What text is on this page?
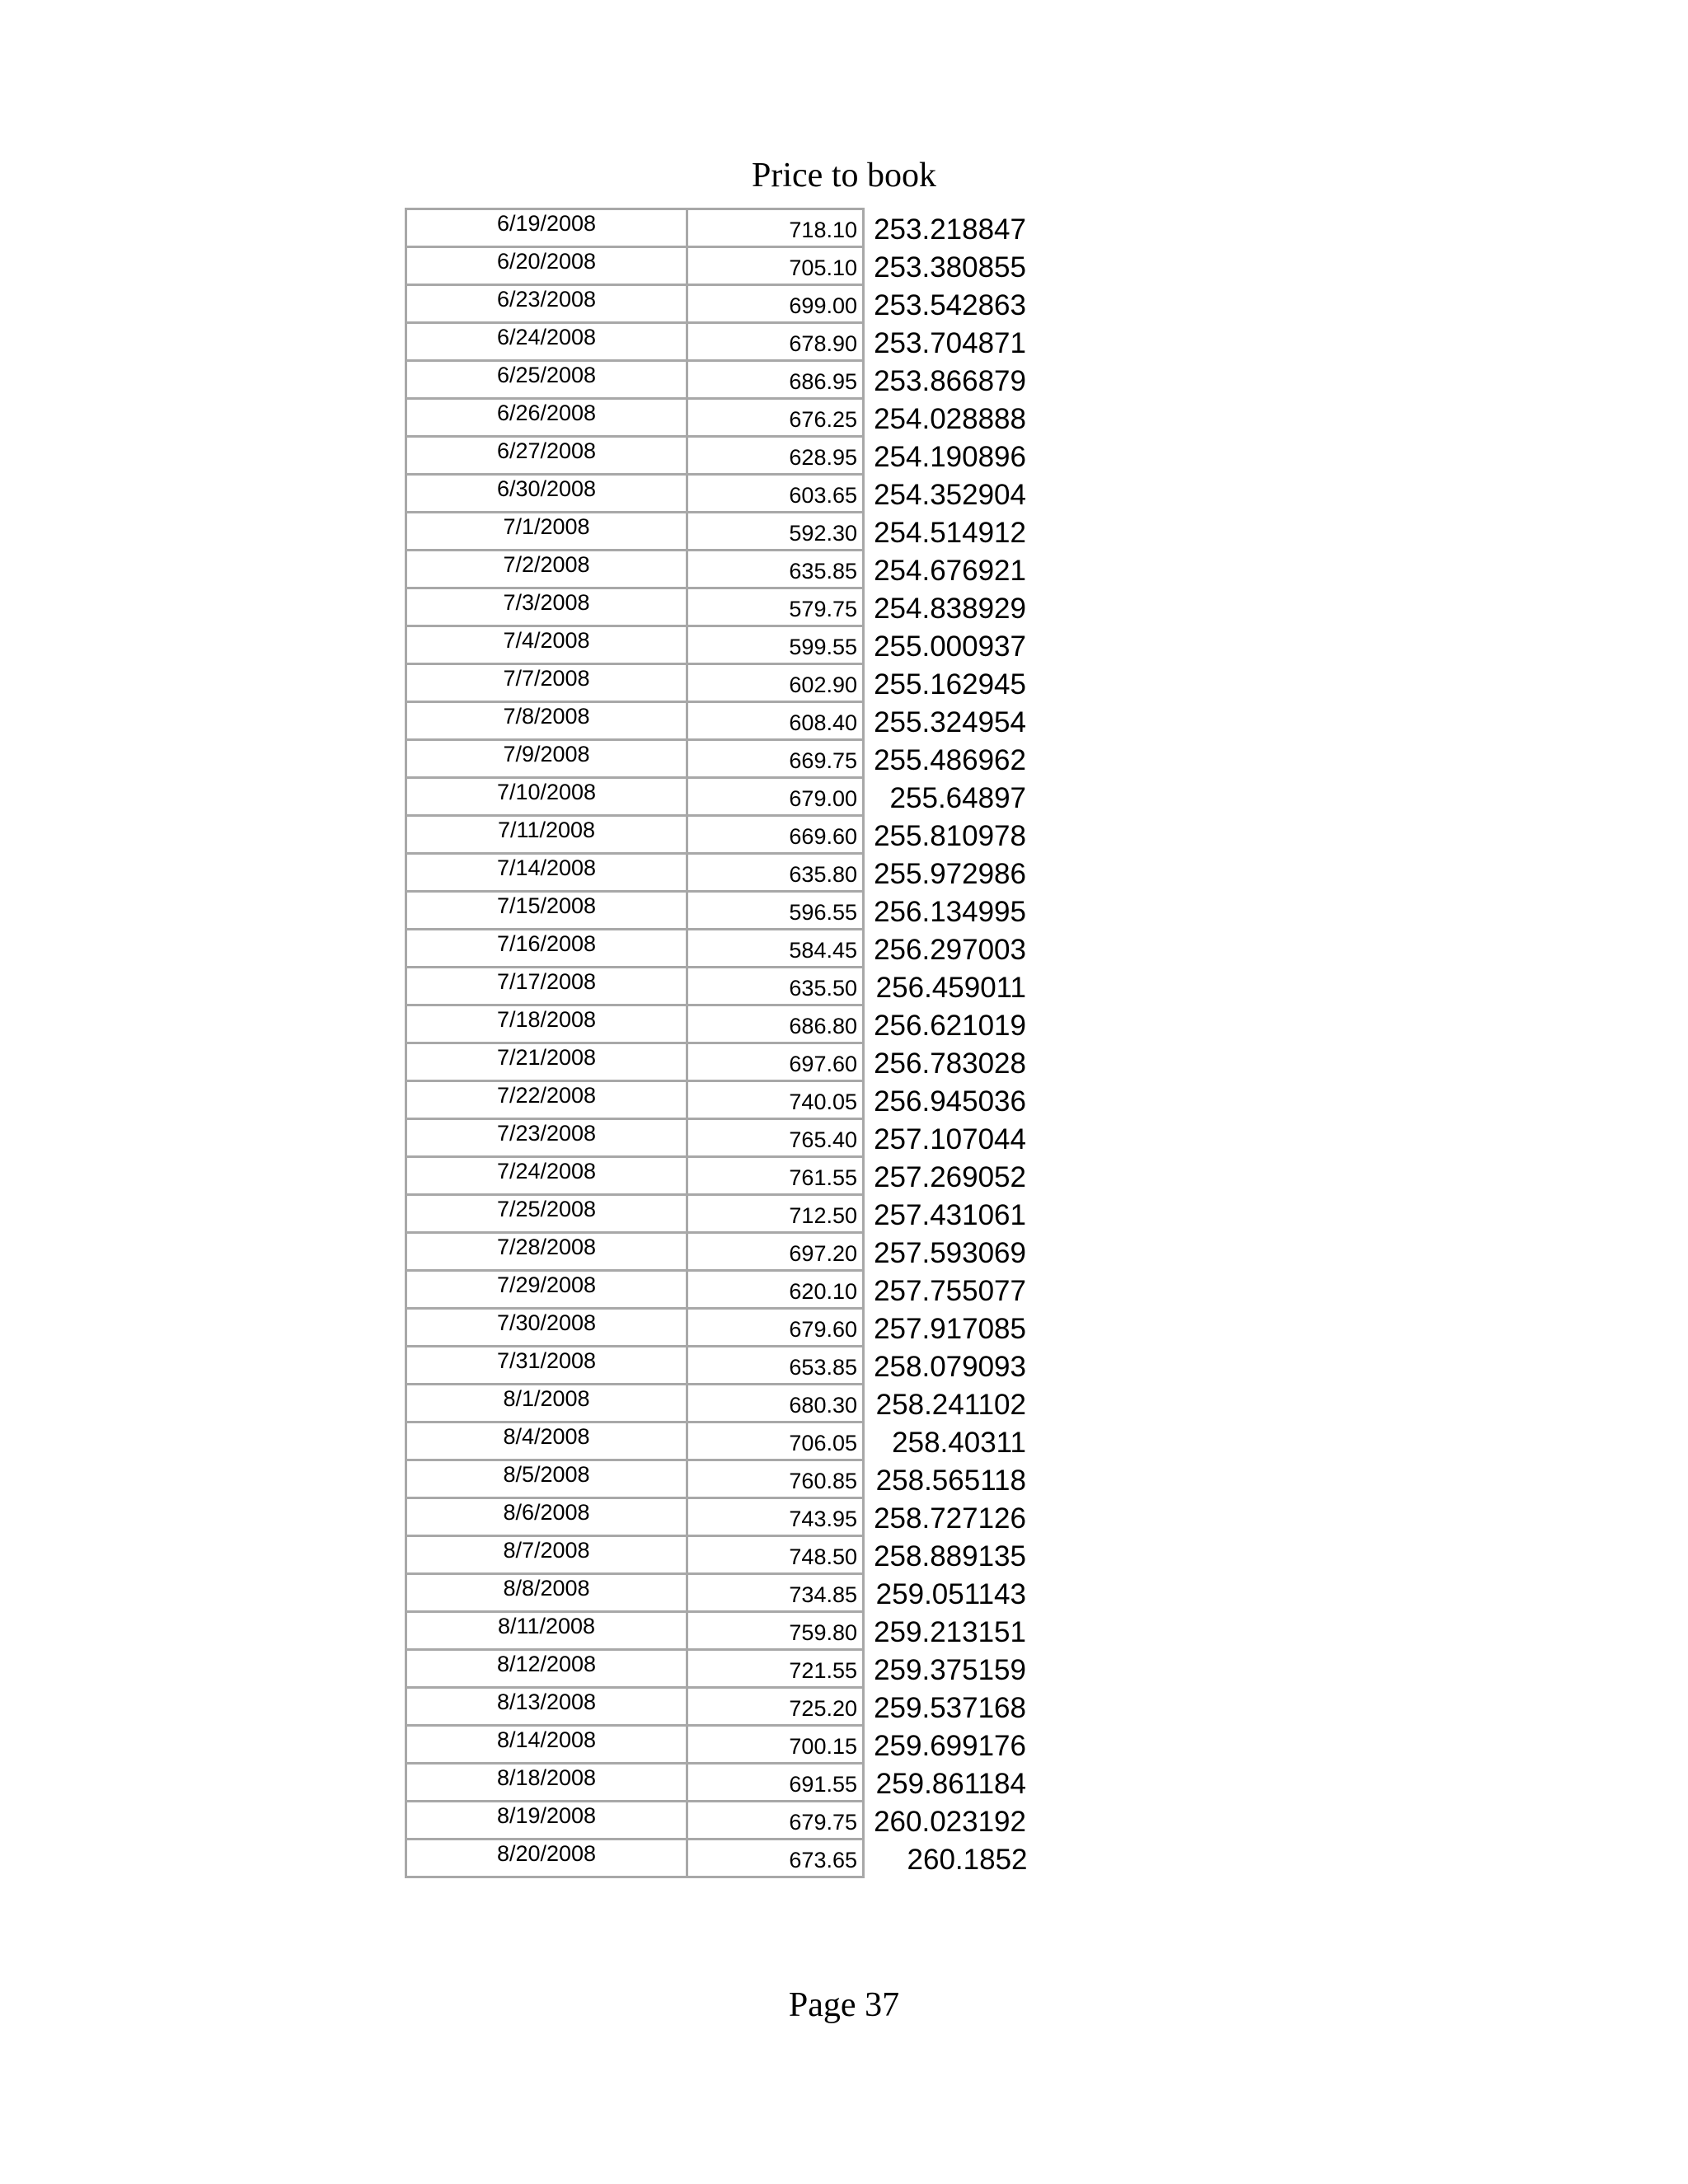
Price to book
6/19/2008	718.10	253.218847
6/20/2008	705.10	253.380855
6/23/2008	699.00	253.542863
6/24/2008	678.90	253.704871
6/25/2008	686.95	253.866879
6/26/2008	676.25	254.028888
6/27/2008	628.95	254.190896
6/30/2008	603.65	254.352904
7/1/2008	592.30	254.514912
7/2/2008	635.85	254.676921
7/3/2008	579.75	254.838929
7/4/2008	599.55	255.000937
7/7/2008	602.90	255.162945
7/8/2008	608.40	255.324954
7/9/2008	669.75	255.486962
7/10/2008	679.00	255.64897
7/11/2008	669.60	255.810978
7/14/2008	635.80	255.972986
7/15/2008	596.55	256.134995
7/16/2008	584.45	256.297003
7/17/2008	635.50	256.459011
7/18/2008	686.80	256.621019
7/21/2008	697.60	256.783028
7/22/2008	740.05	256.945036
7/23/2008	765.40	257.107044
7/24/2008	761.55	257.269052
7/25/2008	712.50	257.431061
7/28/2008	697.20	257.593069
7/29/2008	620.10	257.755077
7/30/2008	679.60	257.917085
7/31/2008	653.85	258.079093
8/1/2008	680.30	258.241102
8/4/2008	706.05	258.40311
8/5/2008	760.85	258.565118
8/6/2008	743.95	258.727126
8/7/2008	748.50	258.889135
8/8/2008	734.85	259.051143
8/11/2008	759.80	259.213151
8/12/2008	721.55	259.375159
8/13/2008	725.20	259.537168
8/14/2008	700.15	259.699176
8/18/2008	691.55	259.861184
8/19/2008	679.75	260.023192
8/20/2008	673.65	260.1852
Page 37
